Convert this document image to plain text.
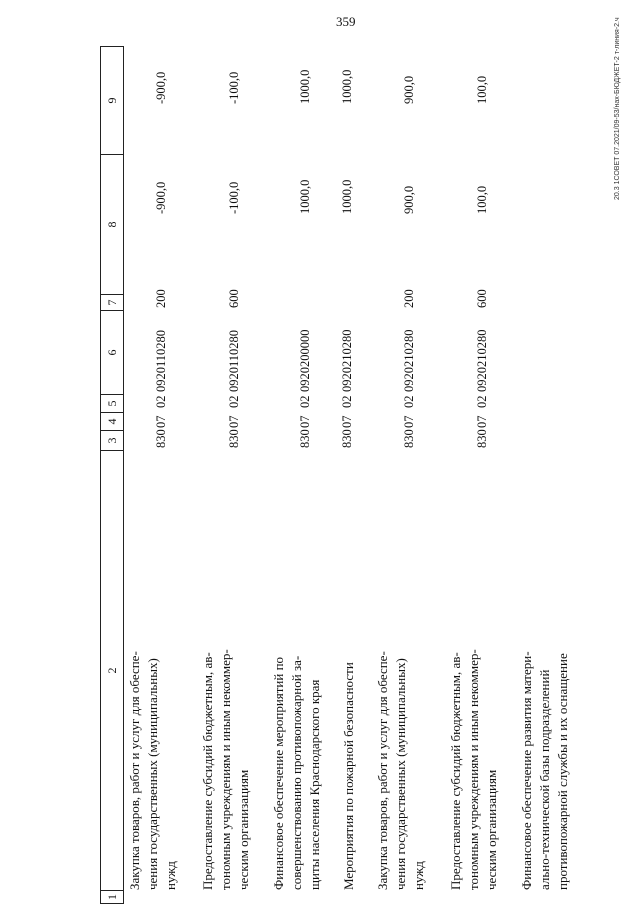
359	20.3 1СОВЕТ 07.2021/09-53/нах-БЮДЖЕТ-2 т-линия-2.ч
1
2
3
4
5
6
7
8
9
Закупка товаров, работ и услуг для обеспе- чения государственных (муниципальных) нужд
830
07
02
0920110280
200
-900,0
-900,0
Предоставление субсидий бюджетным, ав- тономным учреждениям и иным некоммер- ческим организациям
830
07
02
0920110280
600
-100,0
-100,0
Финансовое обеспечение мероприятий по совершенствованию противопожарной за- щиты населения Краснодарского края
830
07
02
0920200000
1000,0
1000,0
Мероприятия по пожарной безопасности
830
07
02
0920210280
1000,0
1000,0
Закупка товаров, работ и услуг для обеспе- чения государственных (муниципальных) нужд
830
07
02
0920210280
200
900,0
900,0
Предоставление субсидий бюджетным, ав- тономным учреждениям и иным некоммер- ческим организациям
830
07
02
0920210280
600
100,0
100,0
Финансовое обеспечение развития матери- ально-технической базы подразделений противопожарной службы и их оснащение
